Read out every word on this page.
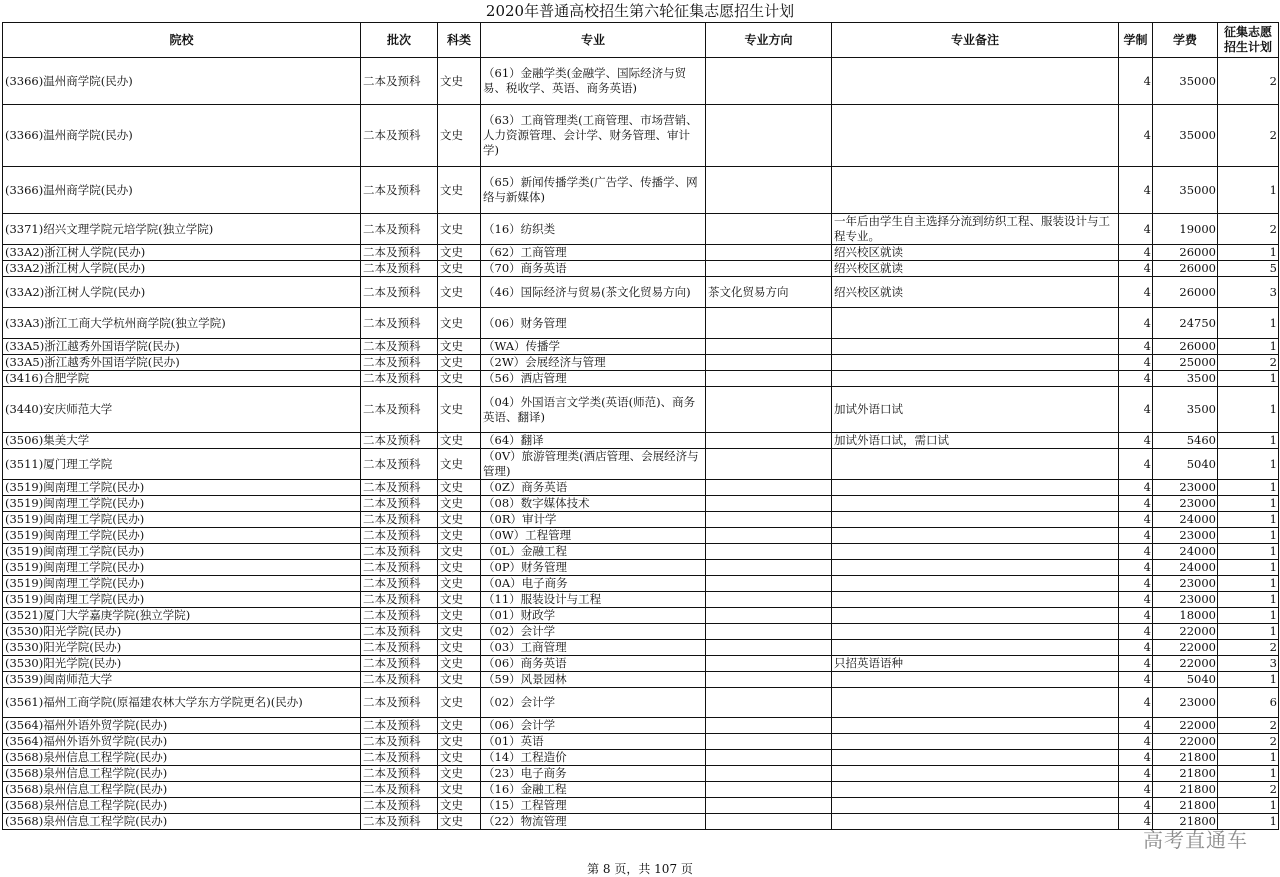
2020年普通高校招生第六轮征集志愿招生计划
院校	批次	科类	专业	专业方向	专业备注	学制	学费	征集志愿招生计划
(3366)温州商学院(民办)	二本及预科	文史	（61）金融学类(金融学、国际经济与贸易、税收学、英语、商务英语)			4	35000	2
(3366)温州商学院(民办)	二本及预科	文史	（63）工商管理类(工商管理、市场营销、人力资源管理、会计学、财务管理、审计学)			4	35000	2
(3366)温州商学院(民办)	二本及预科	文史	（65）新闻传播学类(广告学、传播学、网络与新媒体)			4	35000	1
(3371)绍兴文理学院元培学院(独立学院)	二本及预科	文史	（16）纺织类		一年后由学生自主选择分流到纺织工程、服装设计与工程专业。	4	19000	2
(33A2)浙江树人学院(民办)	二本及预科	文史	（62）工商管理		绍兴校区就读	4	26000	1
(33A2)浙江树人学院(民办)	二本及预科	文史	（70）商务英语		绍兴校区就读	4	26000	5
(33A2)浙江树人学院(民办)	二本及预科	文史	（46）国际经济与贸易(茶文化贸易方向)	茶文化贸易方向	绍兴校区就读	4	26000	3
(33A3)浙江工商大学杭州商学院(独立学院)	二本及预科	文史	（06）财务管理			4	24750	1
(33A5)浙江越秀外国语学院(民办)	二本及预科	文史	（WA）传播学			4	26000	1
(33A5)浙江越秀外国语学院(民办)	二本及预科	文史	（2W）会展经济与管理			4	25000	2
(3416)合肥学院	二本及预科	文史	（56）酒店管理			4	3500	1
(3440)安庆师范大学	二本及预科	文史	（04）外国语言文学类(英语(师范)、商务英语、翻译)		加试外语口试	4	3500	1
(3506)集美大学	二本及预科	文史	（64）翻译		加试外语口试，需口试	4	5460	1
(3511)厦门理工学院	二本及预科	文史	（0V）旅游管理类(酒店管理、会展经济与管理)			4	5040	1
(3519)闽南理工学院(民办)	二本及预科	文史	（0Z）商务英语			4	23000	1
(3519)闽南理工学院(民办)	二本及预科	文史	（08）数字媒体技术			4	23000	1
(3519)闽南理工学院(民办)	二本及预科	文史	（0R）审计学			4	24000	1
(3519)闽南理工学院(民办)	二本及预科	文史	（0W）工程管理			4	23000	1
(3519)闽南理工学院(民办)	二本及预科	文史	（0L）金融工程			4	24000	1
(3519)闽南理工学院(民办)	二本及预科	文史	（0P）财务管理			4	24000	1
(3519)闽南理工学院(民办)	二本及预科	文史	（0A）电子商务			4	23000	1
(3519)闽南理工学院(民办)	二本及预科	文史	（11）服装设计与工程			4	23000	1
(3521)厦门大学嘉庚学院(独立学院)	二本及预科	文史	（01）财政学			4	18000	1
(3530)阳光学院(民办)	二本及预科	文史	（02）会计学			4	22000	1
(3530)阳光学院(民办)	二本及预科	文史	（03）工商管理			4	22000	2
(3530)阳光学院(民办)	二本及预科	文史	（06）商务英语		只招英语语种	4	22000	3
(3539)闽南师范大学	二本及预科	文史	（59）风景园林			4	5040	1
(3561)福州工商学院(原福建农林大学东方学院更名)(民办)	二本及预科	文史	（02）会计学			4	23000	6
(3564)福州外语外贸学院(民办)	二本及预科	文史	（06）会计学			4	22000	2
(3564)福州外语外贸学院(民办)	二本及预科	文史	（01）英语			4	22000	2
(3568)泉州信息工程学院(民办)	二本及预科	文史	（14）工程造价			4	21800	1
(3568)泉州信息工程学院(民办)	二本及预科	文史	（23）电子商务			4	21800	1
(3568)泉州信息工程学院(民办)	二本及预科	文史	（16）金融工程			4	21800	2
(3568)泉州信息工程学院(民办)	二本及预科	文史	（15）工程管理			4	21800	1
(3568)泉州信息工程学院(民办)	二本及预科	文史	（22）物流管理			4	21800	1
高考直通车
第 8 页，共 107 页
